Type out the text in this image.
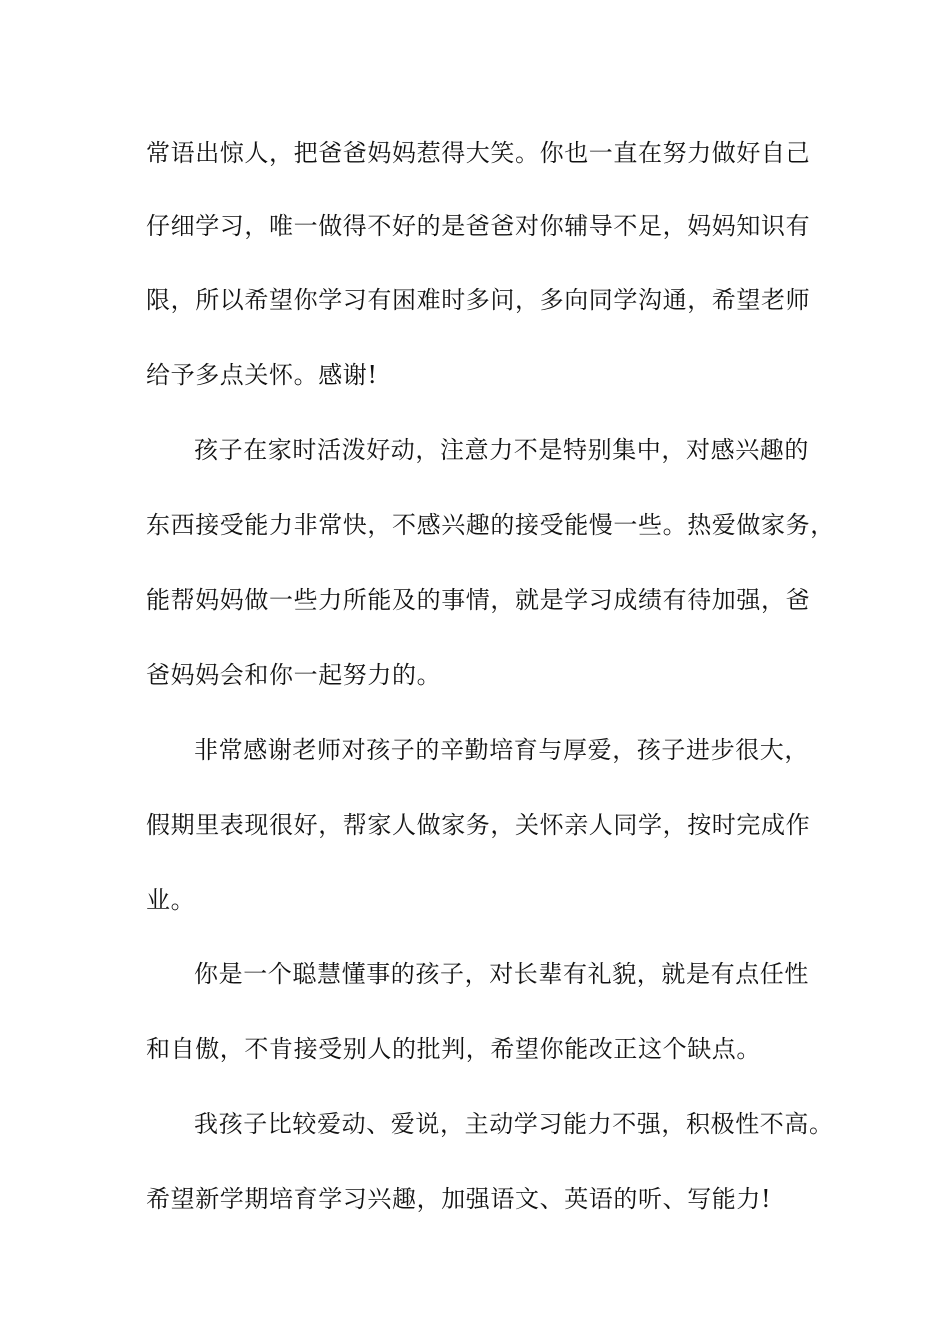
常语出惊人，把爸爸妈妈惹得大笑。你也一直在努力做好自己
仔细学习，唯一做得不好的是爸爸对你辅导不足，妈妈知识有
限，所以希望你学习有困难时多问，多向同学沟通，希望老师
给予多点关怀。感谢!
孩子在家时活泼好动，注意力不是特别集中，对感兴趣的
东西接受能力非常快，不感兴趣的接受能慢一些。热爱做家务，
能帮妈妈做一些力所能及的事情，就是学习成绩有待加强，爸
爸妈妈会和你一起努力的。
非常感谢老师对孩子的辛勤培育与厚爱，孩子进步很大，
假期里表现很好，帮家人做家务，关怀亲人同学，按时完成作
业。
你是一个聪慧懂事的孩子，对长辈有礼貌，就是有点任性
和自傲，不肯接受别人的批判，希望你能改正这个缺点。
我孩子比较爱动、爱说，主动学习能力不强，积极性不高。
希望新学期培育学习兴趣，加强语文、英语的听、写能力!
